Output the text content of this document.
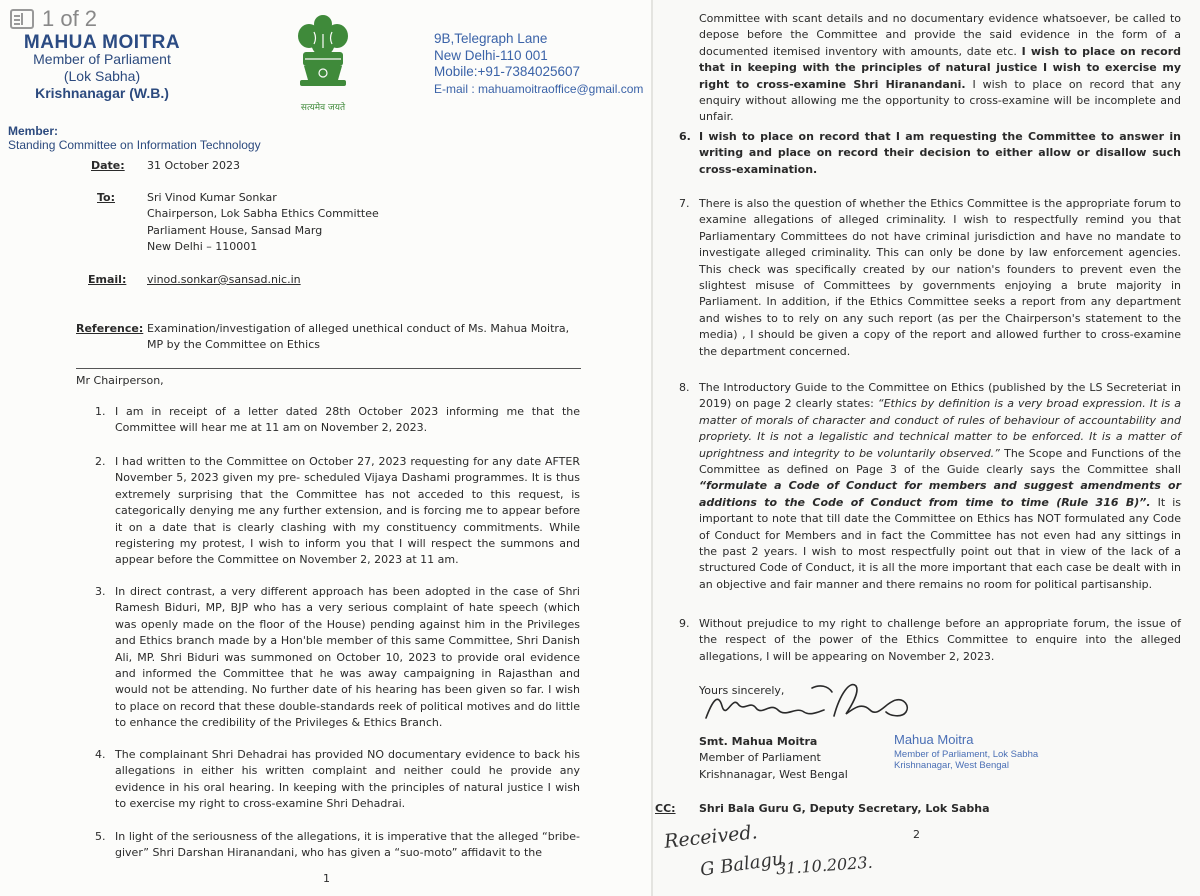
1 of 2
MAHUA MOITRA
Member of Parliament
(Lok Sabha)
Krishnanagar (W.B.)
सत्यमेव जयते
9B,Telegraph Lane
New Delhi-110 001
Mobile:+91-7384025607
E-mail : mahuamoitraoffice@gmail.com
Member:
Standing Committee on Information Technology
Date: 31 October 2023
To:	Sri Vinod Kumar Sonkar
Chairperson, Lok Sabha Ethics Committee
Parliament House, Sansad Marg
New Delhi – 110001
Email: vinod.sonkar@sansad.nic.in
Reference: Examination/investigation of alleged unethical conduct of Ms. Mahua Moitra,
MP by the Committee on Ethics
Mr Chairperson,
1. I am in receipt of a letter dated 28th October 2023 informing me that the Committee will hear me at 11 am on November 2, 2023.
2. I had written to the Committee on October 27, 2023 requesting for any date AFTER November 5, 2023 given my pre- scheduled Vijaya Dashami programmes. It is thus extremely surprising that the Committee has not acceded to this request, is categorically denying me any further extension, and is forcing me to appear before it on a date that is clearly clashing with my constituency commitments. While registering my protest, I wish to inform you that I will respect the summons and appear before the Committee on November 2, 2023 at 11 am.
3. In direct contrast, a very different approach has been adopted in the case of Shri Ramesh Biduri, MP, BJP who has a very serious complaint of hate speech (which was openly made on the floor of the House) pending against him in the Privileges and Ethics branch made by a Hon'ble member of this same Committee, Shri Danish Ali, MP. Shri Biduri was summoned on October 10, 2023 to provide oral evidence and informed the Committee that he was away campaigning in Rajasthan and would not be attending. No further date of his hearing has been given so far. I wish to place on record that these double-standards reek of political motives and do little to enhance the credibility of the Privileges & Ethics Branch.
4. The complainant Shri Dehadrai has provided NO documentary evidence to back his allegations in either his written complaint and neither could he provide any evidence in his oral hearing. In keeping with the principles of natural justice I wish to exercise my right to cross-examine Shri Dehadrai.
5. In light of the seriousness of the allegations, it is imperative that the alleged “bribe-giver” Shri Darshan Hiranandani, who has given a “suo-moto” affidavit to the
1
Committee with scant details and no documentary evidence whatsoever, be called to depose before the Committee and provide the said evidence in the form of a documented itemised inventory with amounts, date etc. I wish to place on record that in keeping with the principles of natural justice I wish to exercise my right to cross-examine Shri Hiranandani. I wish to place on record that any enquiry without allowing me the opportunity to cross-examine will be incomplete and unfair.
6. I wish to place on record that I am requesting the Committee to answer in writing and place on record their decision to either allow or disallow such cross-examination.
7. There is also the question of whether the Ethics Committee is the appropriate forum to examine allegations of alleged criminality. I wish to respectfully remind you that Parliamentary Committees do not have criminal jurisdiction and have no mandate to investigate alleged criminality. This can only be done by law enforcement agencies. This check was specifically created by our nation's founders to prevent even the slightest misuse of Committees by governments enjoying a brute majority in Parliament. In addition, if the Ethics Committee seeks a report from any department and wishes to to rely on any such report (as per the Chairperson's statement to the media) , I should be given a copy of the report and allowed further to cross-examine the department concerned.
8. The Introductory Guide to the Committee on Ethics (published by the LS Secreteriat in 2019) on page 2 clearly states: “Ethics by definition is a very broad expression. It is a matter of morals of character and conduct of rules of behaviour of accountability and propriety. It is not a legalistic and technical matter to be enforced. It is a matter of uprightness and integrity to be voluntarily observed.” The Scope and Functions of the Committee as defined on Page 3 of the Guide clearly says the Committee shall “formulate a Code of Conduct for members and suggest amendments or additions to the Code of Conduct from time to time (Rule 316 B)”. It is important to note that till date the Committee on Ethics has NOT formulated any Code of Conduct for Members and in fact the Committee has not even had any sittings in the past 2 years. I wish to most respectfully point out that in view of the lack of a structured Code of Conduct, it is all the more important that each case be dealt with in an objective and fair manner and there remains no room for political partisanship.
9. Without prejudice to my right to challenge before an appropriate forum, the issue of the respect of the power of the Ethics Committee to enquire into the alleged allegations, I will be appearing on November 2, 2023.
Yours sincerely,
Smt. Mahua Moitra
Member of Parliament
Krishnanagar, West Bengal
Mahua Moitra
Member of Parliament, Lok Sabha
Krishnanagar, West Bengal
CC: Shri Bala Guru G, Deputy Secretary, Lok Sabha
2
Received.
G Balagu
31.10.2023.
